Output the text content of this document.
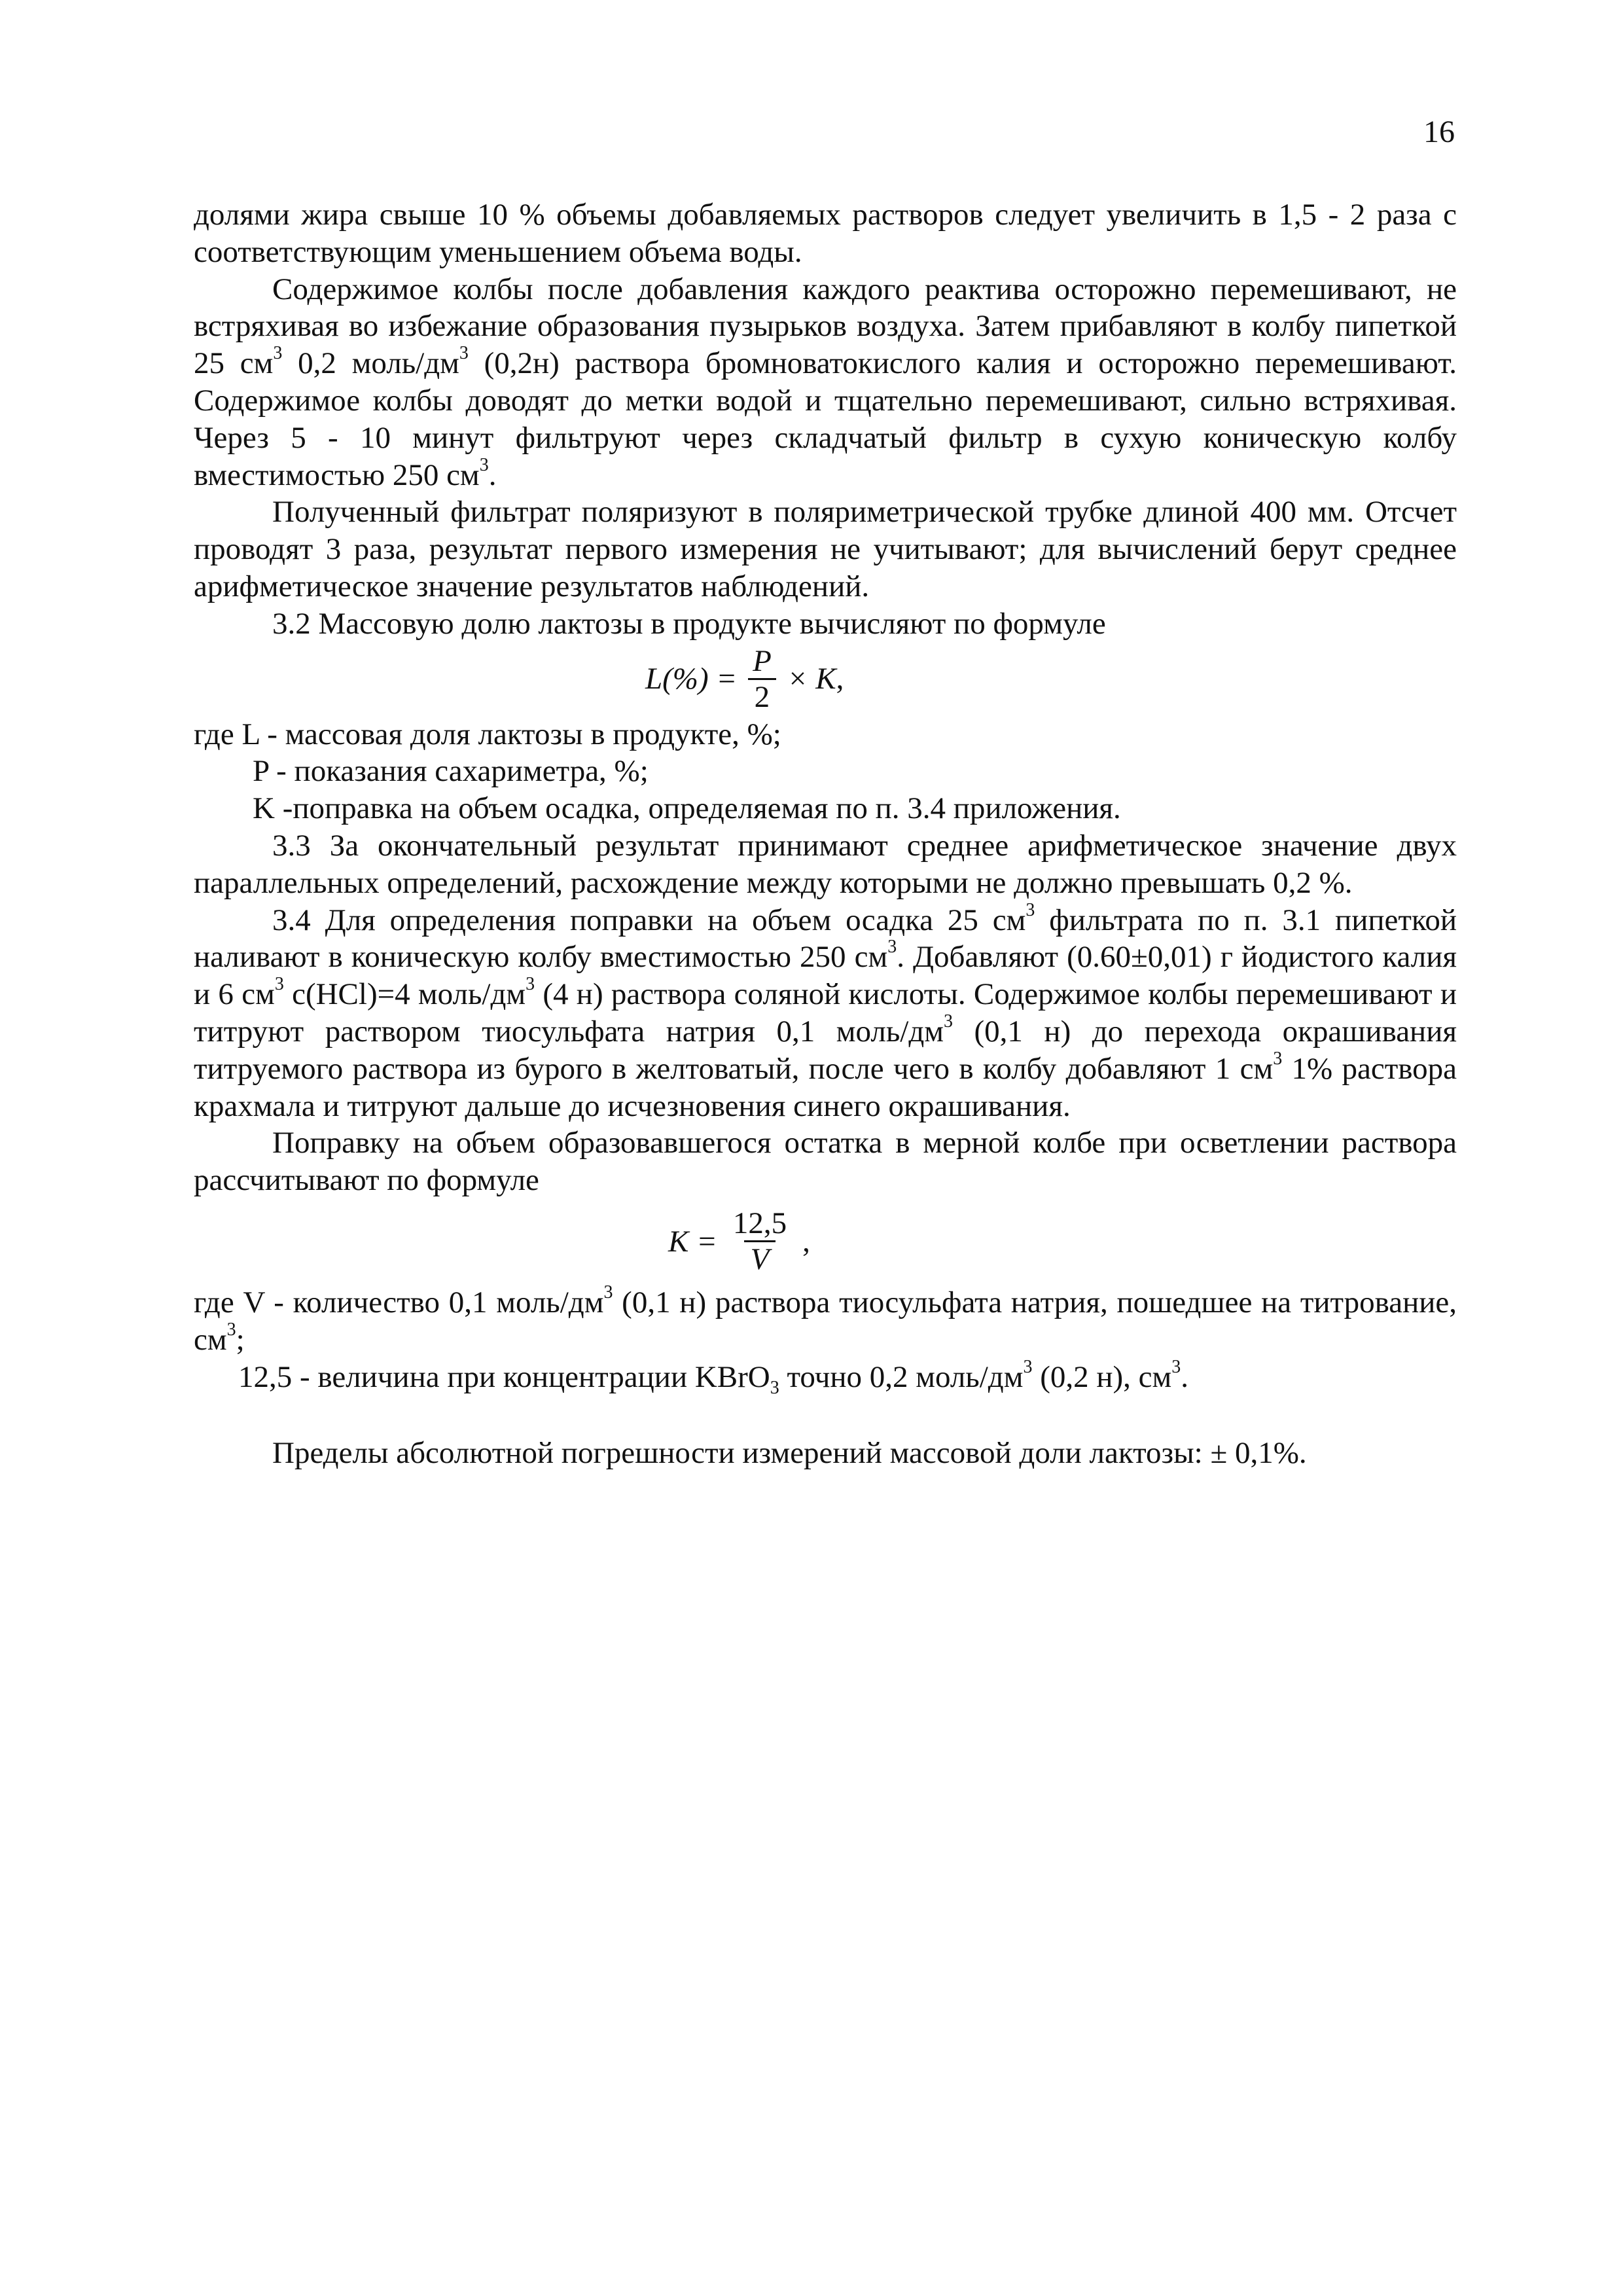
16

долями жира свыше 10 % объемы добавляемых растворов следует увеличить в 1,5 - 2 раза с соответствующим уменьшением объема воды.

Содержимое колбы после добавления каждого реактива осторожно перемешивают, не встряхивая во избежание образования пузырьков воздуха. Затем прибавляют в колбу пипеткой 25 $см^3$ 0,2 моль/$дм^3$ (0,2н) раствора бромноватокислого калия и осторожно перемешивают. Содержимое колбы доводят до метки водой и тщательно перемешивают, сильно встряхивая. Через 5 - 10 минут фильтруют через складчатый фильтр в сухую коническую колбу вместимостью 250 $см^3$.

Полученный фильтрат поляризуют в поляриметрической трубке длиной 400 мм. Отсчет проводят 3 раза, результат первого измерения не учитывают; для вычислений берут среднее арифметическое значение результатов наблюдений.

3.2 Массовую долю лактозы в продукте вычисляют по формуле

$L(\%) = \frac{P}{2} \times K$ ,

где L - массовая доля лактозы в продукте, %;

P - показания сахариметра, %;

K -поправка на объем осадка, определяемая по п. 3.4 приложения.

3.3 За окончательный результат принимают среднее арифметическое значение двух параллельных определений, расхождение между которыми не должно превышать 0,2 %.

3.4 Для определения поправки на объем осадка 25 $см^3$ фильтрата по п. 3.1 пипеткой наливают в коническую колбу вместимостью 250 $см^3$. Добавляют (0.60±0,01) г йодистого калия и 6 $см^3$ с(HCl)=4 моль/$дм^3$ (4 н) раствора соляной кислоты. Содержимое колбы перемешивают и титруют раствором тиосульфата натрия 0,1 моль/$дм^3$ (0,1 н) до перехода окрашивания титруемого раствора из бурого в желтоватый, после чего в колбу добавляют 1 $см^3$ 1% раствора крахмала и титруют дальше до исчезновения синего окрашивания.

Поправку на объем образовавшегося остатка в мерной колбе при осветлении раствора рассчитывают по формуле

$K = \frac{12,5}{V}$ ,

где V - количество 0,1 моль/$дм^3$ (0,1 н) раствора тиосульфата натрия, пошедшее на титрование, $см^3$;

12,5 - величина при концентрации KBrO$_3$ точно 0,2 моль/$дм^3$ (0,2 н), $см^3$.

Пределы абсолютной погрешности измерений массовой доли лактозы: ± 0,1%.
